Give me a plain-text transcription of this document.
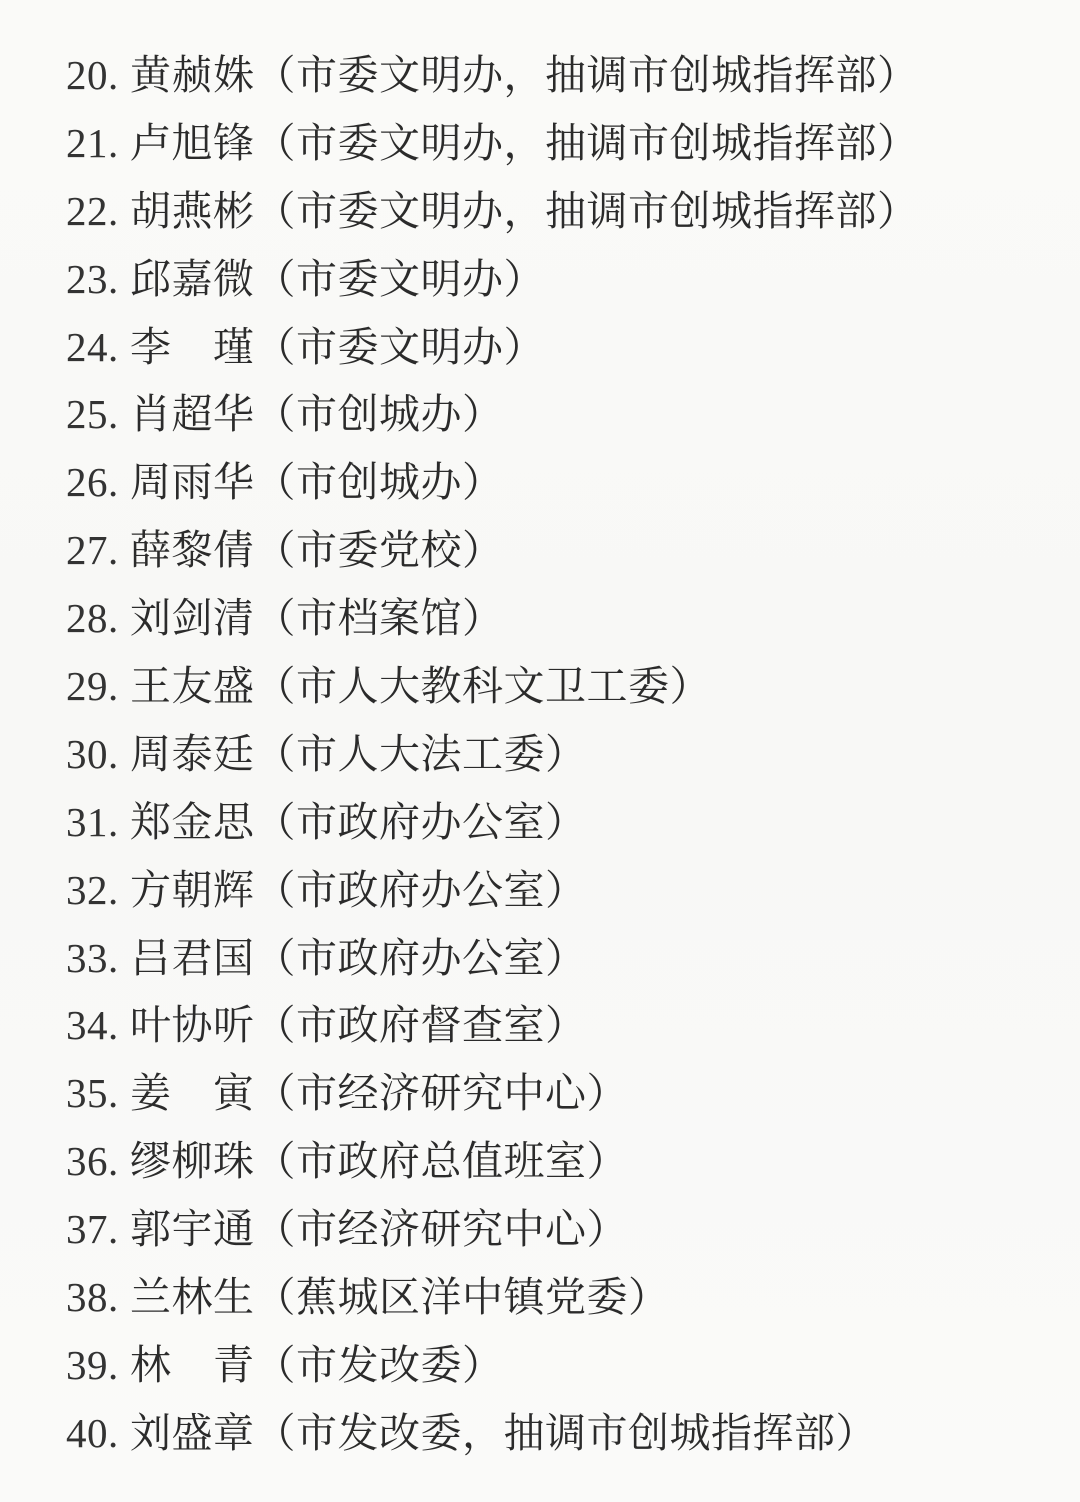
20. 黄赪姝（市委文明办，抽调市创城指挥部）
21. 卢旭锋（市委文明办，抽调市创城指挥部）
22. 胡燕彬（市委文明办，抽调市创城指挥部）
23. 邱嘉微（市委文明办）
24. 李　瑾（市委文明办）
25. 肖超华（市创城办）
26. 周雨华（市创城办）
27. 薛黎倩（市委党校）
28. 刘剑清（市档案馆）
29. 王友盛（市人大教科文卫工委）
30. 周泰廷（市人大法工委）
31. 郑金思（市政府办公室）
32. 方朝辉（市政府办公室）
33. 吕君国（市政府办公室）
34. 叶协听（市政府督查室）
35. 姜　寅（市经济研究中心）
36. 缪柳珠（市政府总值班室）
37. 郭宇通（市经济研究中心）
38. 兰林生（蕉城区洋中镇党委）
39. 林　青（市发改委）
40. 刘盛章（市发改委，抽调市创城指挥部）
